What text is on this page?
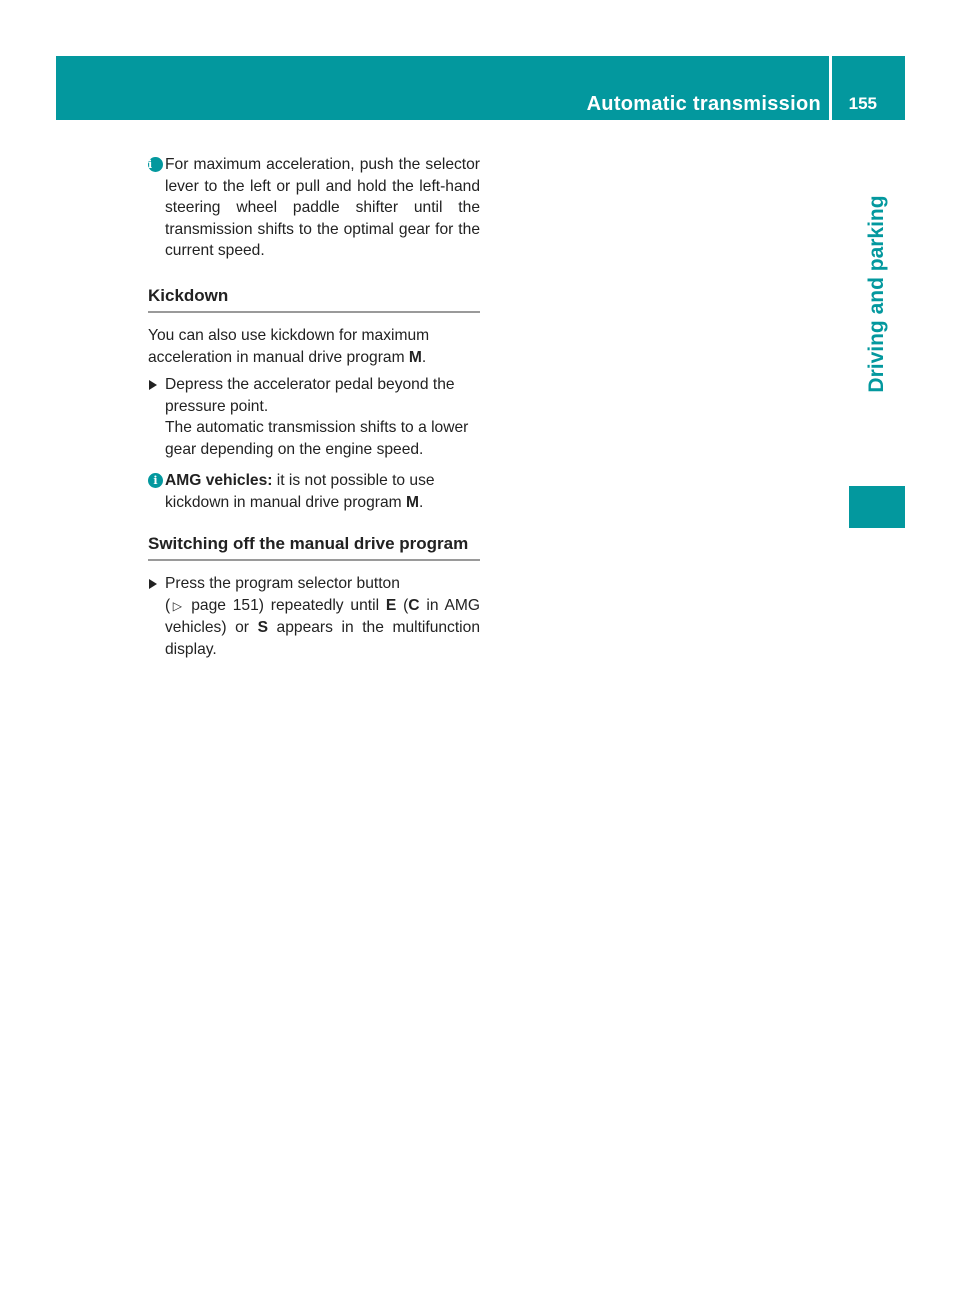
Automatic transmission 155
Driving and parking

i For maximum acceleration, push the selector lever to the left or pull and hold the left-hand steering wheel paddle shifter until the transmission shifts to the optimal gear for the current speed.

Kickdown

You can also use kickdown for maximum acceleration in manual drive program M.

Depress the accelerator pedal beyond the pressure point.
The automatic transmission shifts to a lower gear depending on the engine speed.

i AMG vehicles: it is not possible to use kickdown in manual drive program M.

Switching off the manual drive program

Press the program selector button
(▷ page 151) repeatedly until E (C in AMG vehicles) or S appears in the multifunction display.
